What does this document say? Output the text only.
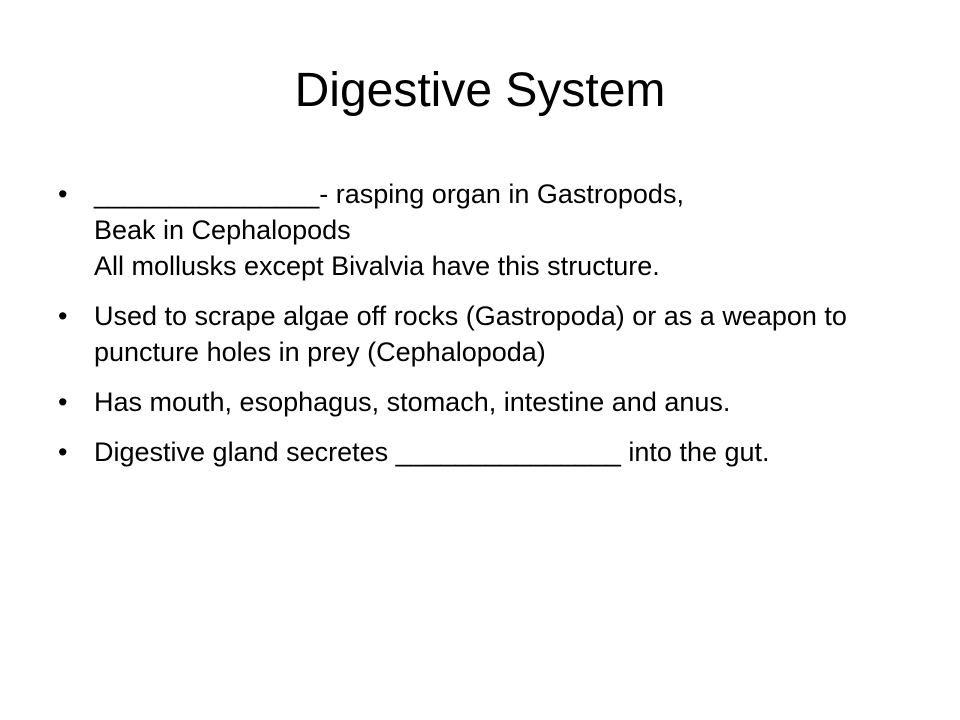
Digestive System
• _______________- rasping organ in Gastropods,
Beak in Cephalopods
All mollusks except Bivalvia have this structure.
• Used to scrape algae off rocks (Gastropoda) or as a weapon to puncture holes in prey (Cephalopoda)
• Has mouth, esophagus, stomach, intestine and anus.
• Digestive gland secretes _______________ into the gut.
